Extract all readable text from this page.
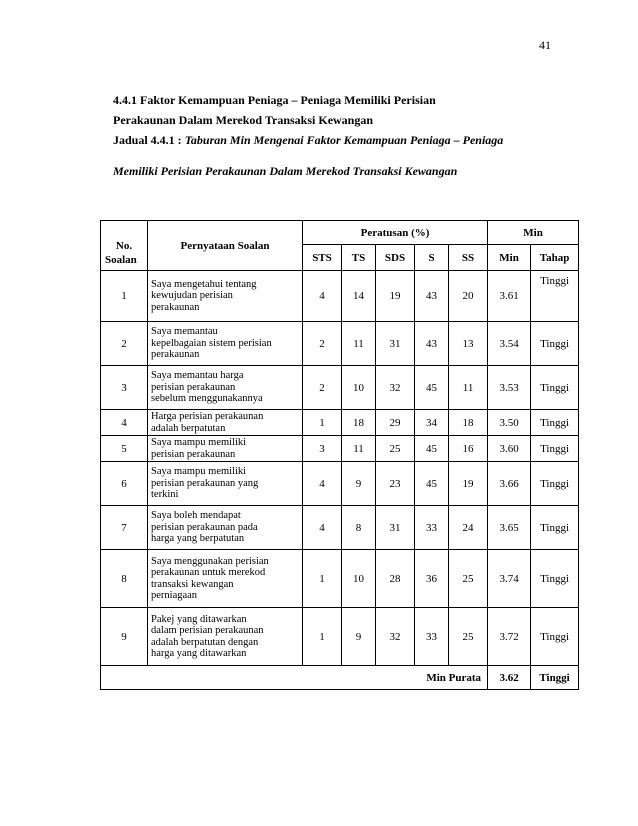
41
4.4.1 Faktor Kemampuan Peniaga – Peniaga Memiliki Perisian
Perakaunan Dalam Merekod Transaksi Kewangan
Jadual 4.4.1 : Taburan Min Mengenai Faktor Kemampuan Peniaga – Peniaga
Memiliki Perisian Perakaunan Dalam Merekod Transaksi Kewangan
No.
Soalan	Pernyataan Soalan	Peratusan (%)					Min	
		STS	TS	SDS	S	SS	Min	Tahap
1	Saya mengetahui tentang
kewujudan perisian
perakaunan	4	14	19	43	20	3.61	Tinggi
2	Saya memantau
kepelbagaian sistem perisian
perakaunan	2	11	31	43	13	3.54	Tinggi
3	Saya memantau harga
perisian perakaunan
sebelum menggunakannya	2	10	32	45	11	3.53	Tinggi
4	Harga perisian perakaunan
adalah berpatutan	1	18	29	34	18	3.50	Tinggi
5	Saya mampu memiliki
perisian perakaunan	3	11	25	45	16	3.60	Tinggi
6	Saya mampu memiliki
perisian perakaunan yang
terkini	4	9	23	45	19	3.66	Tinggi
7	Saya boleh mendapat
perisian perakaunan pada
harga yang berpatutan	4	8	31	33	24	3.65	Tinggi
8	Saya menggunakan perisian
perakaunan untuk merekod
transaksi kewangan
perniagaan	1	10	28	36	25	3.74	Tinggi
9	Pakej yang ditawarkan
dalam perisian perakaunan
adalah berpatutan dengan
harga yang ditawarkan	1	9	32	33	25	3.72	Tinggi
Min Purata							3.62	Tinggi
